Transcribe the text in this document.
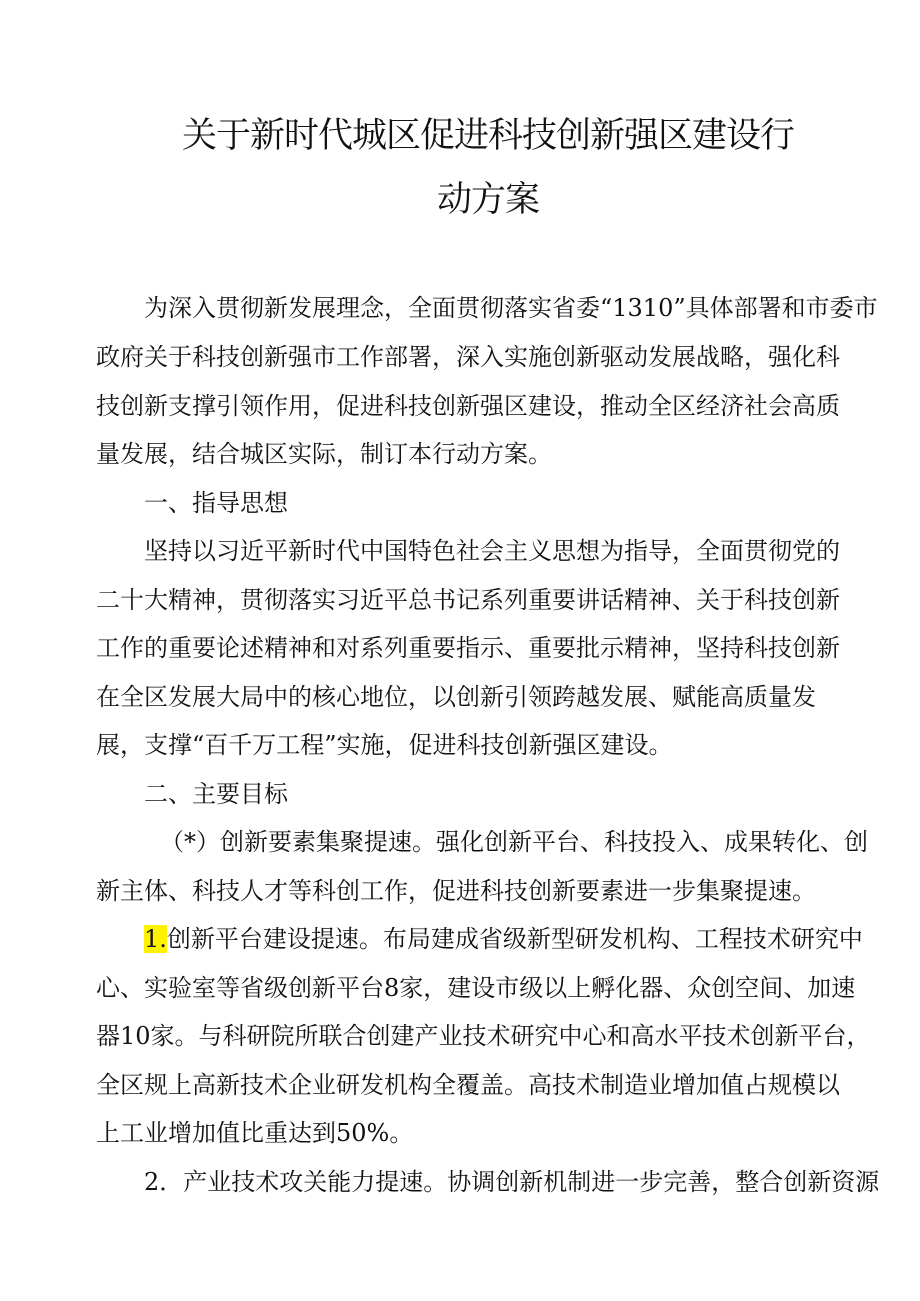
关于新时代城区促进科技创新强区建设行
动方案
为深入贯彻新发展理念，全面贯彻落实省委“1310”具体部署和市委市
政府关于科技创新强市工作部署，深入实施创新驱动发展战略，强化科
技创新支撑引领作用，促进科技创新强区建设，推动全区经济社会高质
量发展，结合城区实际，制订本行动方案。
一、指导思想
坚持以习近平新时代中国特色社会主义思想为指导，全面贯彻党的
二十大精神，贯彻落实习近平总书记系列重要讲话精神、关于科技创新
工作的重要论述精神和对系列重要指示、重要批示精神，坚持科技创新
在全区发展大局中的核心地位，以创新引领跨越发展、赋能高质量发
展，支撑“百千万工程”实施，促进科技创新强区建设。
二、主要目标
（*）创新要素集聚提速。强化创新平台、科技投入、成果转化、创
新主体、科技人才等科创工作，促进科技创新要素进一步集聚提速。
1.创新平台建设提速。布局建成省级新型研发机构、工程技术研究中
心、实验室等省级创新平台8家，建设市级以上孵化器、众创空间、加速
器10家。与科研院所联合创建产业技术研究中心和高水平技术创新平台，
全区规上高新技术企业研发机构全覆盖。高技术制造业增加值占规模以
上工业增加值比重达到50%。
2．产业技术攻关能力提速。协调创新机制进一步完善，整合创新资源
